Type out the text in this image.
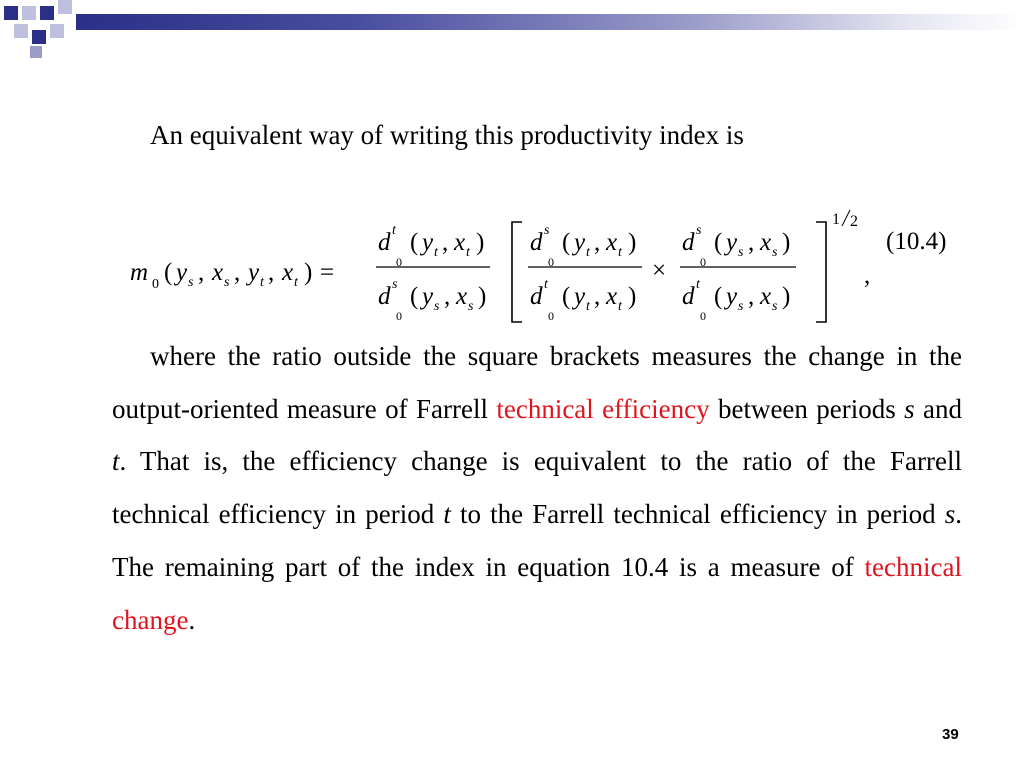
An equivalent way of writing this productivity index is
m 0 ( y s , x s , y t , x t ) =
d t
0
( y t , x t )
d s
0
( y s , x s )
d s
0
( y t , x t )
d t
0
( y t , x t )
×
d s
0
( y s , x s )
d t
0
( y s , x s )
1 2
(10.4)
,

where the ratio outside the square brackets measures the change in the output-oriented measure of Farrell technical efficiency between periods s and t. That is, the efficiency change is equivalent to the ratio of the Farrell technical efficiency in period t to the Farrell technical efficiency in period s. The remaining part of the index in equation 10.4 is a measure of technical change.

39
